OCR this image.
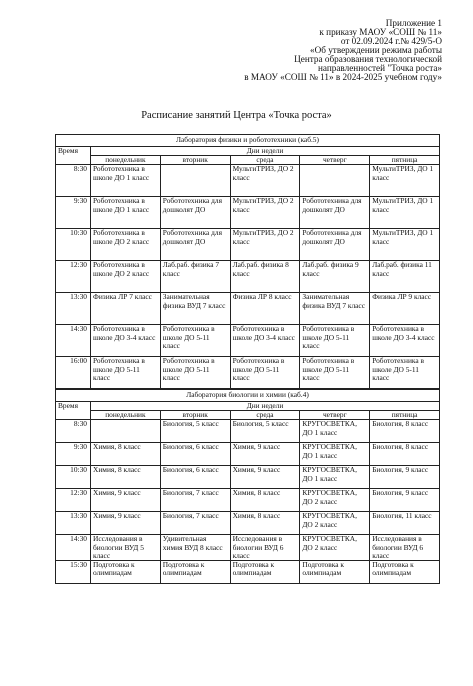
Приложение 1
к приказу МАОУ «СОШ № 11»
от 02.09.2024 г.№ 429/5-О
«Об утверждении режима работы
Центра образования технологической
направленностей "Точка роста»
в МАОУ «СОШ № 11» в 2024-2025 учебном году»
Расписание занятий Центра «Точка роста»
Лаборатория физики и робототехники (каб.5)					
Время	Дни недели				
	понедельник	вторник	среда	четверг	пятница
8:30	Робототехника в школе ДО 1 класс		МультиТРИЗ, ДО 2 класс		МультиТРИЗ, ДО 1 класс
9:30	Робототехника в школе ДО 1 класс	Робототехника для дошколят ДО	МультиТРИЗ, ДО 2 класс	Робототехника для дошколят ДО	МультиТРИЗ, ДО 1 класс
10:30	Робототехника в школе ДО 2 класс	Робототехника для дошколят ДО	МультиТРИЗ, ДО 2 класс	Робототехника для дошколят ДО	МультиТРИЗ, ДО 1 класс
12:30	Робототехника в школе ДО 2 класс	Лаб.раб. физика 7 класс	Лаб.раб. физика 8 класс	Лаб.раб. физика 9 класс	Лаб.раб. физика 11 класс
13:30	Физика ЛР 7 класс	Занимательная физика ВУД 7 класс	Физика ЛР 8 класс	Занимательная физика ВУД 7 класс	Физика ЛР 9 класс
14:30	Робототехника в школе ДО 3-4 класс	Робототехника в школе ДО 5-11 класс	Робототехника в школе ДО 3-4 класс	Робототехника в школе ДО 5-11 класс	Робототехника в школе ДО 3-4 класс
16:00	Робототехника в школе ДО 5-11 класс	Робототехника в школе ДО 5-11 класс	Робототехника в школе ДО 5-11 класс	Робототехника в школе ДО 5-11 класс	Робототехника в школе ДО 5-11 класс
Лаборатория биологии и химии (каб.4)					
Время	Дни недели				
	понедельник	вторник	среда	четверг	пятница
8:30		Биология, 5 класс	Биология, 5 класс	КРУГОСВЕТКА, ДО 1 класс	Биология, 8 класс
9:30	Химия, 8 класс	Биология, 6 класс	Химия, 9 класс	КРУГОСВЕТКА, ДО 1 класс	Биология, 8 класс
10:30	Химия, 8 класс	Биология, 6 класс	Химия, 9 класс	КРУГОСВЕТКА, ДО 1 класс	Биология, 9 класс
12:30	Химия, 9 класс	Биология, 7 класс	Химия, 8 класс	КРУГОСВЕТКА, ДО 2 класс	Биология, 9 класс
13:30	Химия, 9 класс	Биология, 7 класс	Химия, 8 класс	КРУГОСВЕТКА, ДО 2 класс	Биология, 11 класс
14:30	Исследования в биологии ВУД 5 класс	Удивительная химия ВУД 8 класс	Исследования в биологии ВУД 6 класс	КРУГОСВЕТКА, ДО 2 класс	Исследования в биологии ВУД 6 класс
15:30	Подготовка к олимпиадам	Подготовка к олимпиадам	Подготовка к олимпиадам	Подготовка к олимпиадам	Подготовка к олимпиадам
